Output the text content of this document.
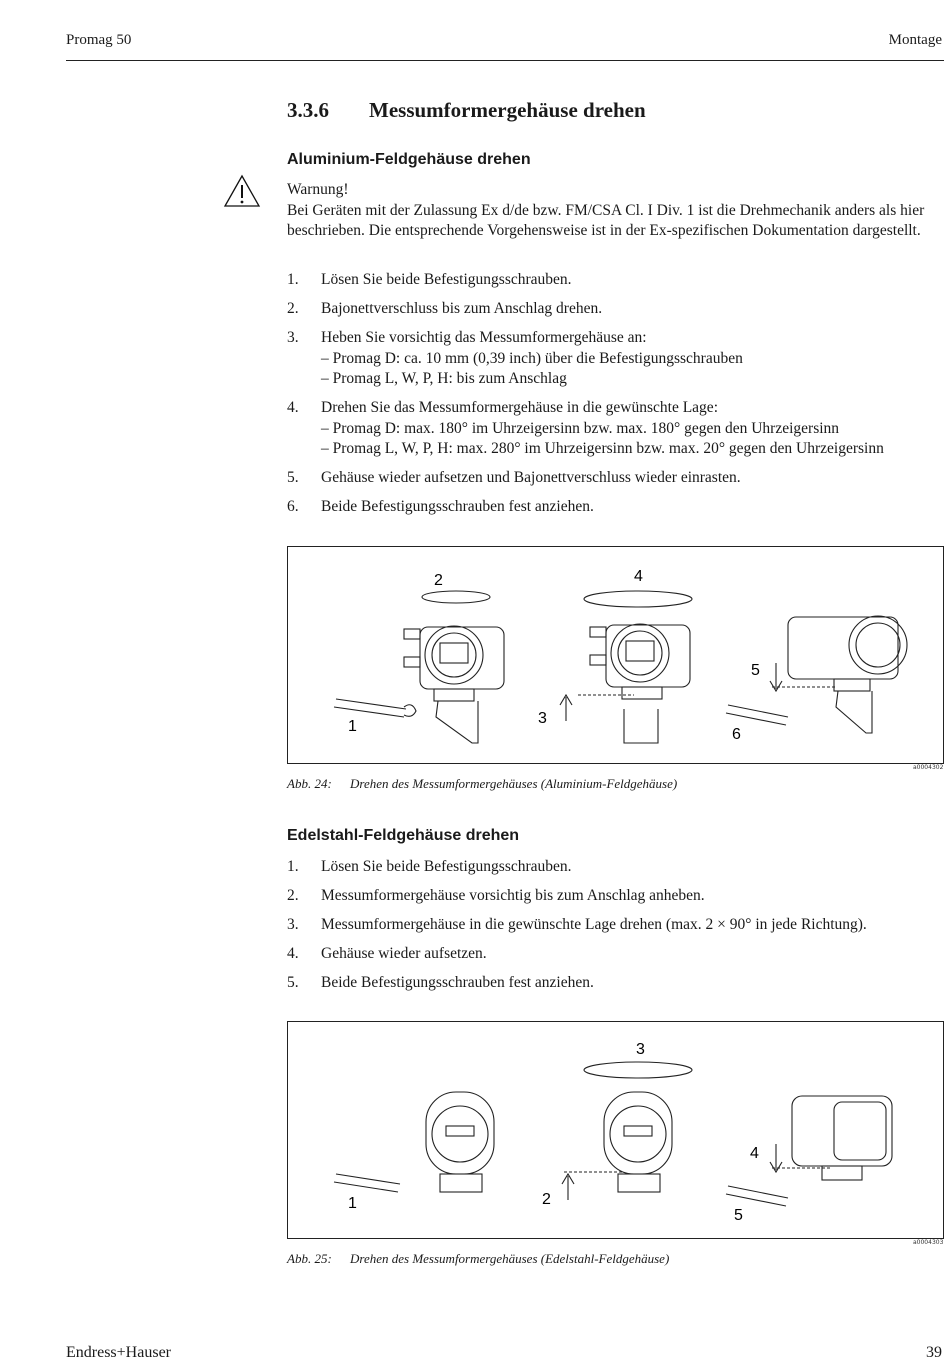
Promag 50	Montage
3.3.6 Messumformergehäuse drehen
Aluminium-Feldgehäuse drehen
Warnung!
Bei Geräten mit der Zulassung Ex d/de bzw. FM/CSA Cl. I Div. 1 ist die Drehmechanik anders als hier beschrieben. Die entsprechende Vorgehensweise ist in der Ex-spezifischen Dokumentation dargestellt.
1. Lösen Sie beide Befestigungsschrauben.
2. Bajonettverschluss bis zum Anschlag drehen.
3. Heben Sie vorsichtig das Messumformergehäuse an:
– Promag D: ca. 10 mm (0,39 inch) über die Befestigungsschrauben
– Promag L, W, P, H: bis zum Anschlag
4. Drehen Sie das Messumformergehäuse in die gewünschte Lage:
– Promag D: max. 180° im Uhrzeigersinn bzw. max. 180° gegen den Uhrzeigersinn
– Promag L, W, P, H: max. 280° im Uhrzeigersinn bzw. max. 20° gegen den Uhrzeigersinn
5. Gehäuse wieder aufsetzen und Bajonettverschluss wieder einrasten.
6. Beide Befestigungsschrauben fest anziehen.
2	4
1	3
5
6
a0004302
Abb. 24: Drehen des Messumformergehäuses (Aluminium-Feldgehäuse)
Edelstahl-Feldgehäuse drehen
1. Lösen Sie beide Befestigungsschrauben.
2. Messumformergehäuse vorsichtig bis zum Anschlag anheben.
3. Messumformergehäuse in die gewünschte Lage drehen (max. 2 × 90° in jede Richtung).
4. Gehäuse wieder aufsetzen.
5. Beide Befestigungsschrauben fest anziehen.
3
1	2
4
5
a0004303
Abb. 25: Drehen des Messumformergehäuses (Edelstahl-Feldgehäuse)
Endress+Hauser	39
